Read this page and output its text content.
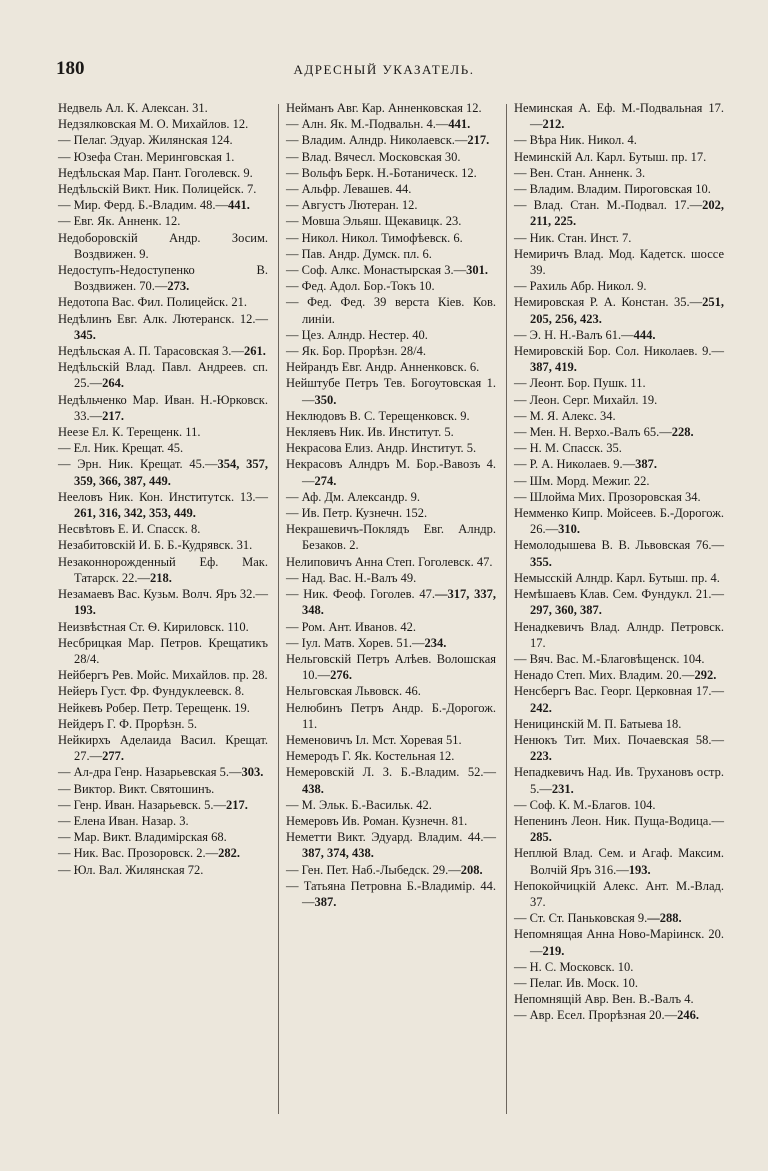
180	АДРЕСНЫЙ УКАЗАТЕЛЬ.

Недвель Ал. К. Алексан. 31.

Недзялковская М. О. Михайлов. 12.

— Пелаг. Эдуар. Жилянская 124.

— Юзефа Стан. Меринговская 1.

Недѣльская Мар. Пант. Гоголевск. 9.

Недѣльскій Викт. Ник. Полицейск. 7.

— Мир. Ферд. Б.-Владим. 48.—441.

— Евг. Як. Анненк. 12.

Недоборовскій Андр. Зосим. Воздвижен. 9.

Недоступъ-Недоступенко В. Воздвижен. 70.—273.

Недотопа Вас. Фил. Полицейск. 21.

Недѣлинъ Евг. Алк. Лютеранск. 12.—345.

Недѣльская А. П. Тарасовская 3.—261.

Недѣльскій Влад. Павл. Андреев. сп. 25.—264.

Недѣльченко Мар. Иван. Н.-Юрковск. 33.—217.

Неезе Ел. К. Терещенк. 11.

— Ел. Ник. Крещат. 45.

— Эрн. Ник. Крещат. 45.—354, 357, 359, 366, 387, 449.

Нееловъ Ник. Кон. Институтск. 13.—261, 316, 342, 353, 449.

Несвѣтовъ Е. И. Спасск. 8.

Незабитовскій И. Б. Б.-Кудрявск. 31.

Незаконнорожденный Еф. Мак. Татарск. 22.—218.

Незамаевъ Вас. Кузьм. Волч. Яръ 32.—193.

Неизвѣстная Ст. Ѳ. Кириловск. 110.

Несбрицкая Мар. Петров. Крещатикъ 28/4.

Нейбергъ Рев. Мойс. Михайлов. пр. 28.

Нейеръ Густ. Фр. Фундуклеевск. 8.

Нейкевъ Робер. Петр. Терещенк. 19.

Нейдеръ Г. Ф. Прорѣзн. 5.

Нейкирхъ Аделаида Васил. Крещат. 27.—277.

— Ал-дра Генр. Назарьевская 5.—303.

— Виктор. Викт. Святошинъ.

— Генр. Иван. Назарьевск. 5.—217.

— Елена Иван. Назар. 3.

— Мар. Викт. Владимірская 68.

— Ник. Вас. Прозоровск. 2.—282.

— Юл. Вал. Жилянская 72.

Нейманъ Авг. Кар. Анненковская 12.

— Алн. Як. М.-Подвальн. 4.—441.

— Владим. Алндр. Николаевск.—217.

— Влад. Вячесл. Московская 30.

— Вольфъ Берк. Н.-Ботаническ. 12.

— Альфр. Левашев. 44.

— Августъ Лютеран. 12.

— Мовша Эльяш. Щекавицк. 23.

— Никол. Никол. Тимофѣевск. 6.

— Пав. Андр. Думск. пл. 6.

— Соф. Алкс. Монастырская 3.—301.

— Фед. Адол. Бор.-Токъ 10.

— Фед. Фед. 39 верста Кіев. Ков. линіи.

— Цез. Алндр. Нестер. 40.

— Як. Бор. Прорѣзн. 28/4.

Нейрандъ Евг. Андр. Анненковск. 6.

Нейштубе Петръ Тев. Богоутовская 1.—350.

Неклюдовъ В. С. Терещенковск. 9.

Некляевъ Ник. Ив. Институт. 5.

Некрасова Елиз. Андр. Институт. 5.

Некрасовъ Алндръ М. Бор.-Вавозъ 4.—274.

— Аф. Дм. Александр. 9.

— Ив. Петр. Кузнечн. 152.

Некрашевичъ-Поклядъ Евг. Алндр. Безаков. 2.

Нелиповичъ Анна Степ. Гоголевск. 47.

— Над. Вас. Н.-Валъ 49.

— Ник. Феоф. Гоголев. 47.—317, 337, 348.

— Ром. Ант. Иванов. 42.

— Іул. Матв. Хорев. 51.—234.

Нельговскій Петръ Алѣев. Волошская 10.—276.

Нельговская Львовск. 46.

Нелюбинъ Петръ Андр. Б.-Дорогож. 11.

Неменовичъ Іл. Мст. Хоревая 51.

Немеродъ Г. Як. Костельная 12.

Немеровскій Л. З. Б.-Владим. 52.—438.

— М. Эльк. Б.-Васильк. 42.

Немеровъ Ив. Роман. Кузнечн. 81.

Неметти Викт. Эдуард. Владим. 44.—387, 374, 438.

— Ген. Пет. Наб.-Лыбедск. 29.—208.

— Татьяна Петровна Б.-Владимір. 44.—387.

Неминская А. Еф. М.-Подвальная 17.—212.

— Вѣра Ник. Никол. 4.

Неминскій Ал. Карл. Бутыш. пр. 17.

— Вен. Стан. Анненк. 3.

— Владим. Владим. Пироговская 10.

— Влад. Стан. М.-Подвал. 17.—202, 211, 225.

— Ник. Стан. Инст. 7.

Немиричъ Влад. Мод. Кадетск. шоссе 39.

— Рахиль Абр. Никол. 9.

Немировская Р. А. Констан. 35.—251, 205, 256, 423.

— Э. Н. Н.-Валъ 61.—444.

Немировскій Бор. Сол. Николаев. 9.—387, 419.

— Леонт. Бор. Пушк. 11.

— Леон. Серг. Михайл. 19.

— М. Я. Алекс. 34.

— Мен. Н. Верхо.-Валъ 65.—228.

— Н. М. Спасск. 35.

— Р. А. Николаев. 9.—387.

— Шм. Морд. Межиг. 22.

— Шлойма Мих. Прозоровская 34.

Немменко Кипр. Мойсеев. Б.-Дорогож. 26.—310.

Немолодышева В. В. Львовская 76.—355.

Немысскій Алндр. Карл. Бутыш. пр. 4.

Немѣшаевъ Клав. Сем. Фундукл. 21.—297, 360, 387.

Ненадкевичъ Влад. Алндр. Петровск. 17.

— Вяч. Вас. М.-Благовѣщенск. 104.

Ненадо Степ. Мих. Владим. 20.—292.

Ненсбергъ Вас. Георг. Церковная 17.—242.

Неницинскій М. П. Батыева 18.

Ненюкъ Тит. Мих. Почаевская 58.—223.

Непадкевичъ Над. Ив. Трухановъ остр. 5.—231.

— Соф. К. М.-Благов. 104.

Непенинъ Леон. Ник. Пуща-Водица.—285.

Неплюй Влад. Сем. и Агаф. Максим. Волчій Яръ 316.—193.

Непокойчицкій Алекс. Ант. М.-Влад. 37.

— Ст. Ст. Паньковская 9.—288.

Непомнящая Анна Ново-Маріинск. 20.—219.

— Н. С. Московск. 10.

— Пелаг. Ив. Моск. 10.

Непомнящій Авр. Вен. В.-Валъ 4.

— Авр. Есел. Прорѣзная 20.—246.
